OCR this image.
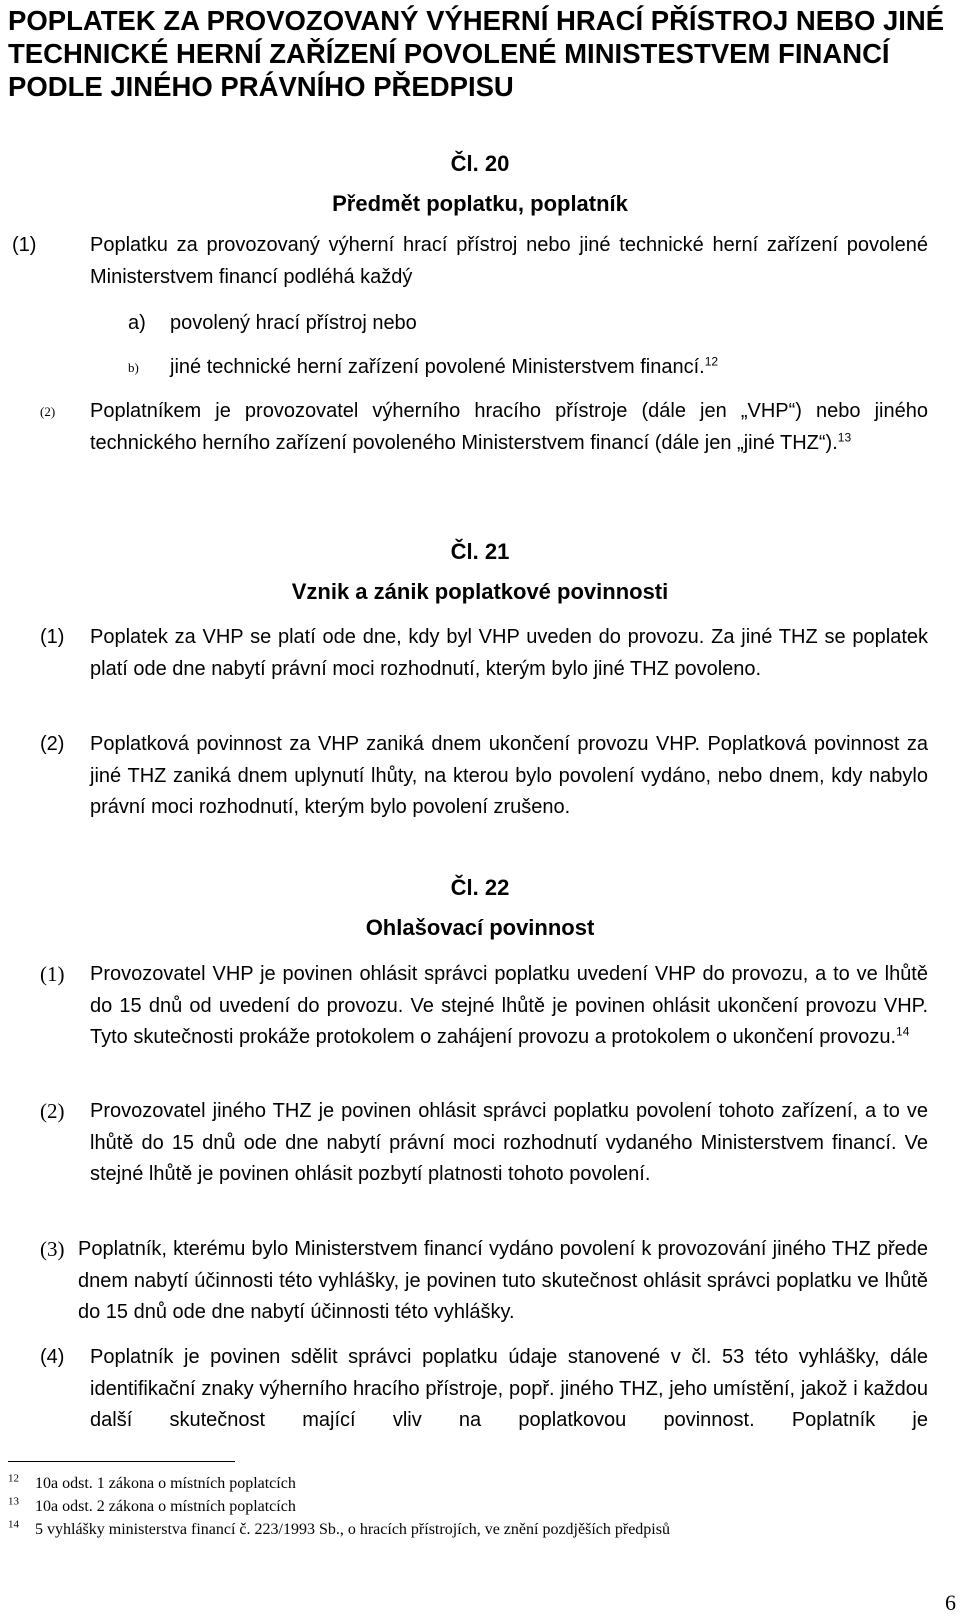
POPLATEK ZA PROVOZOVANÝ VÝHERNÍ HRACÍ PŘÍSTROJ NEBO JINÉ TECHNICKÉ HERNÍ ZAŘÍZENÍ POVOLENÉ MINISTESTVEM FINANCÍ PODLE JINÉHO PRÁVNÍHO PŘEDPISU
Čl. 20
Předmět poplatku, poplatník
(1)	Poplatku za provozovaný výherní hrací přístroj nebo jiné technické herní zařízení povolené Ministerstvem financí podléhá každý

a) povolený hrací přístroj nebo

b) jiné technické herní zařízení povolené Ministerstvem financí.$^{12}$

(2) Poplatníkem je provozovatel výherního hracího přístroje (dále jen „VHP“) nebo jiného technického herního zařízení povoleného Ministerstvem financí (dále jen „jiné THZ“).$^{13}$

Čl. 21
Vznik a zánik poplatkové povinnosti
(1) Poplatek za VHP se platí ode dne, kdy byl VHP uveden do provozu. Za jiné THZ se poplatek platí ode dne nabytí právní moci rozhodnutí, kterým bylo jiné THZ povoleno.

(2) Poplatková povinnost za VHP zaniká dnem ukončení provozu VHP. Poplatková povinnost za jiné THZ zaniká dnem uplynutí lhůty, na kterou bylo povolení vydáno, nebo dnem, kdy nabylo právní moci rozhodnutí, kterým bylo povolení zrušeno.

Čl. 22
Ohlašovací povinnost
(1) Provozovatel VHP je povinen ohlásit správci poplatku uvedení VHP do provozu, a to ve lhůtě do 15 dnů od uvedení do provozu. Ve stejné lhůtě je povinen ohlásit ukončení provozu VHP. Tyto skutečnosti prokáže protokolem o zahájení provozu a protokolem o ukončení provozu.$^{14}$

(2) Provozovatel jiného THZ je povinen ohlásit správci poplatku povolení tohoto zařízení, a to ve lhůtě do 15 dnů ode dne nabytí právní moci rozhodnutí vydaného Ministerstvem financí. Ve stejné lhůtě je povinen ohlásit pozbytí platnosti tohoto povolení.

(3) Poplatník, kterému bylo Ministerstvem financí vydáno povolení k provozování jiného THZ přede dnem nabytí účinnosti této vyhlášky, je povinen tuto skutečnost ohlásit správci poplatku ve lhůtě do 15 dnů ode dne nabytí účinnosti této vyhlášky.

(4) Poplatník je povinen sdělit správci poplatku údaje stanovené v čl. 53 této vyhlášky, dále identifikační znaky výherního hracího přístroje, popř. jiného THZ, jeho umístění, jakož i každou další skutečnost mající vliv na poplatkovou povinnost. Poplatník je

$^{12}$ 10a odst. 1 zákona o místních poplatcích
$^{13}$ 10a odst. 2 zákona o místních poplatcích
$^{14}$ 5 vyhlášky ministerstva financí č. 223/1993 Sb., o hracích přístrojích, ve znění pozdjěších předpisů
6
